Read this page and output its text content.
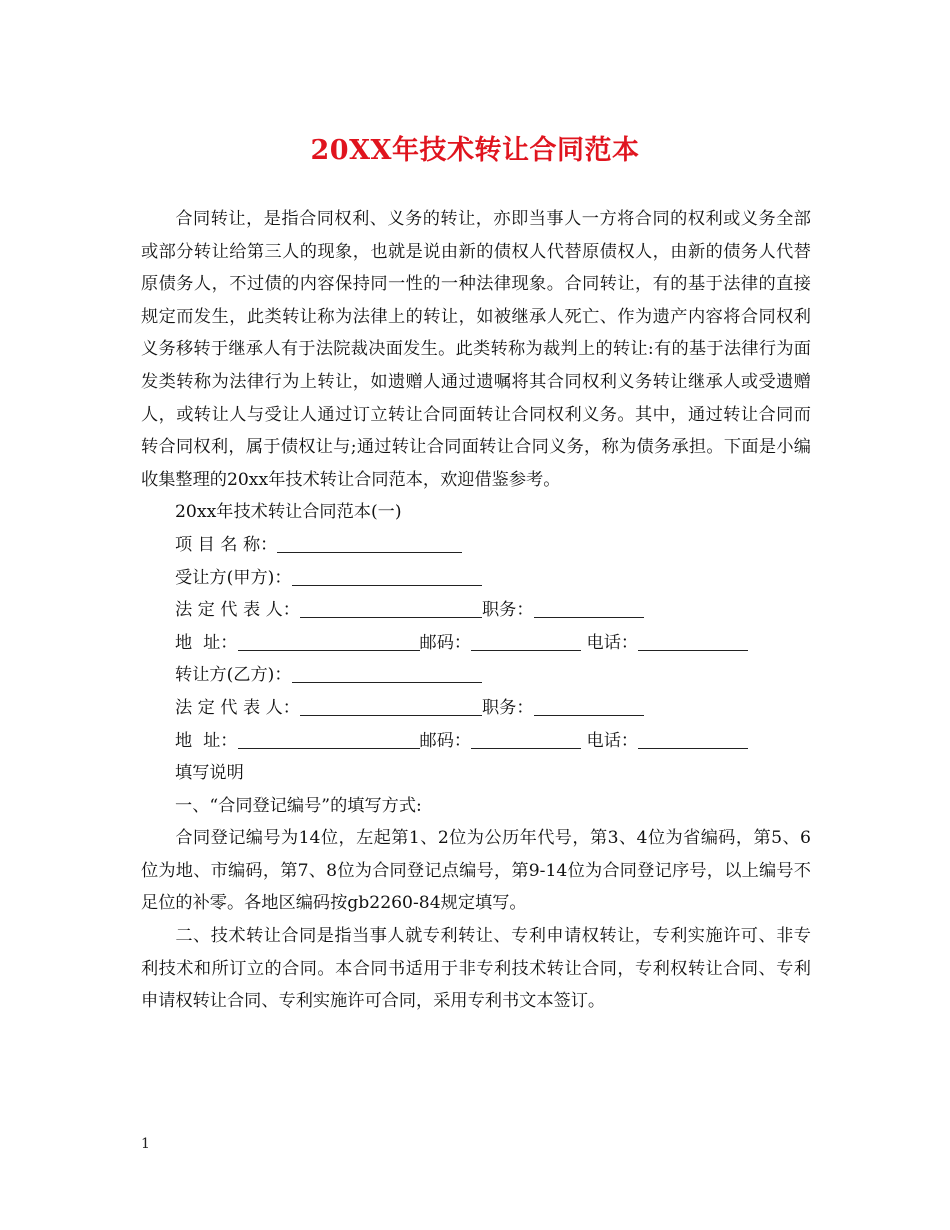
20XX年技术转让合同范本

合同转让，是指合同权利、义务的转让，亦即当事人一方将合同的权利或义务全部或部分转让给第三人的现象，也就是说由新的债权人代替原债权人，由新的债务人代替原债务人，不过债的内容保持同一性的一种法律现象。合同转让，有的基于法律的直接规定而发生，此类转让称为法律上的转让，如被继承人死亡、作为遗产内容将合同权利义务移转于继承人有于法院裁决面发生。此类转称为裁判上的转让:有的基于法律行为面发类转称为法律行为上转让，如遗赠人通过遗嘱将其合同权利义务转让继承人或受遗赠人，或转让人与受让人通过订立转让合同面转让合同权利义务。其中，通过转让合同而转合同权利，属于债权让与;通过转让合同面转让合同义务，称为债务承担。下面是小编收集整理的20xx年技术转让合同范本，欢迎借鉴参考。

20xx年技术转让合同范本(一)

项 目 名 称：

受让方(甲方)：

法 定 代 表 人：	职务：

地  址：	邮码：	电话：

转让方(乙方)：

法 定 代 表 人：	职务：

地  址：	邮码：	电话：

填写说明

一、“合同登记编号”的填写方式:

合同登记编号为14位，左起第1、2位为公历年代号，第3、4位为省编码，第5、6位为地、市编码，第7、8位为合同登记点编号，第9-14位为合同登记序号，以上编号不足位的补零。各地区编码按gb2260-84规定填写。

二、技术转让合同是指当事人就专利转让、专利申请权转让，专利实施许可、非专利技术和所订立的合同。本合同书适用于非专利技术转让合同，专利权转让合同、专利申请权转让合同、专利实施许可合同，采用专利书文本签订。

1
